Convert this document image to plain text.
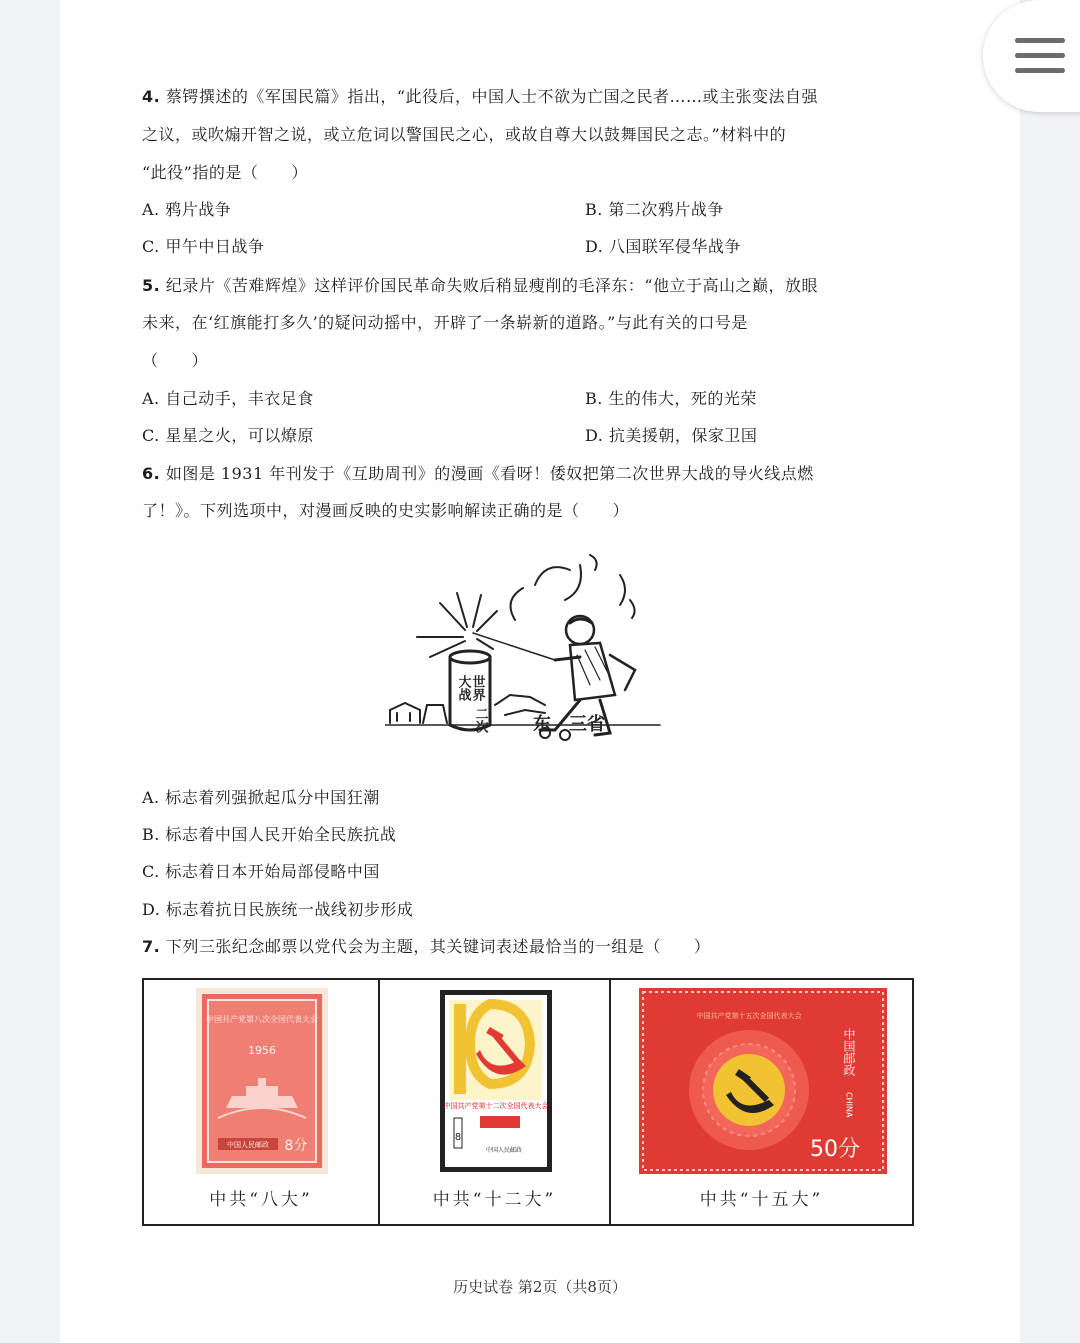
4. 蔡锷撰述的《军国民篇》指出，“此役后，中国人士不欲为亡国之民者……或主张变法自强
之议，或吹煽开智之说，或立危词以警国民之心，或故自尊大以鼓舞国民之志。”材料中的
“此役”指的是（　　）
A. 鸦片战争	B. 第二次鸦片战争
C. 甲午中日战争	D. 八国联军侵华战争
5. 纪录片《苦难辉煌》这样评价国民革命失败后稍显瘦削的毛泽东：“他立于高山之巅，放眼
未来，在‘红旗能打多久’的疑问动摇中，开辟了一条崭新的道路。”与此有关的口号是
（　　）
A. 自己动手，丰衣足食	B. 生的伟大，死的光荣
C. 星星之火，可以燎原	D. 抗美援朝，保家卫国
6. 如图是 1931 年刊发于《互助周刊》的漫画《看呀！倭奴把第二次世界大战的导火线点燃
了！》。下列选项中，对漫画反映的史实影响解读正确的是（　　）
世界
大战
二次	东　三省
A. 标志着列强掀起瓜分中国狂潮
B. 标志着中国人民开始全民族抗战
C. 标志着日本开始局部侵略中国
D. 标志着抗日民族统一战线初步形成
7. 下列三张纪念邮票以党代会为主题，其关键词表述最恰当的一组是（　　）
中国共产党第八次全国代表大会
1956
中国人民邮政 8分
中共“八大”
中国共产党第十二次全国代表大会
8
中国人民邮政
中共“十二大”
中国共产党第十五次全国代表大会
中国邮政
CHINA
50分
中共“十五大”
历史试卷 第2页（共8页）
